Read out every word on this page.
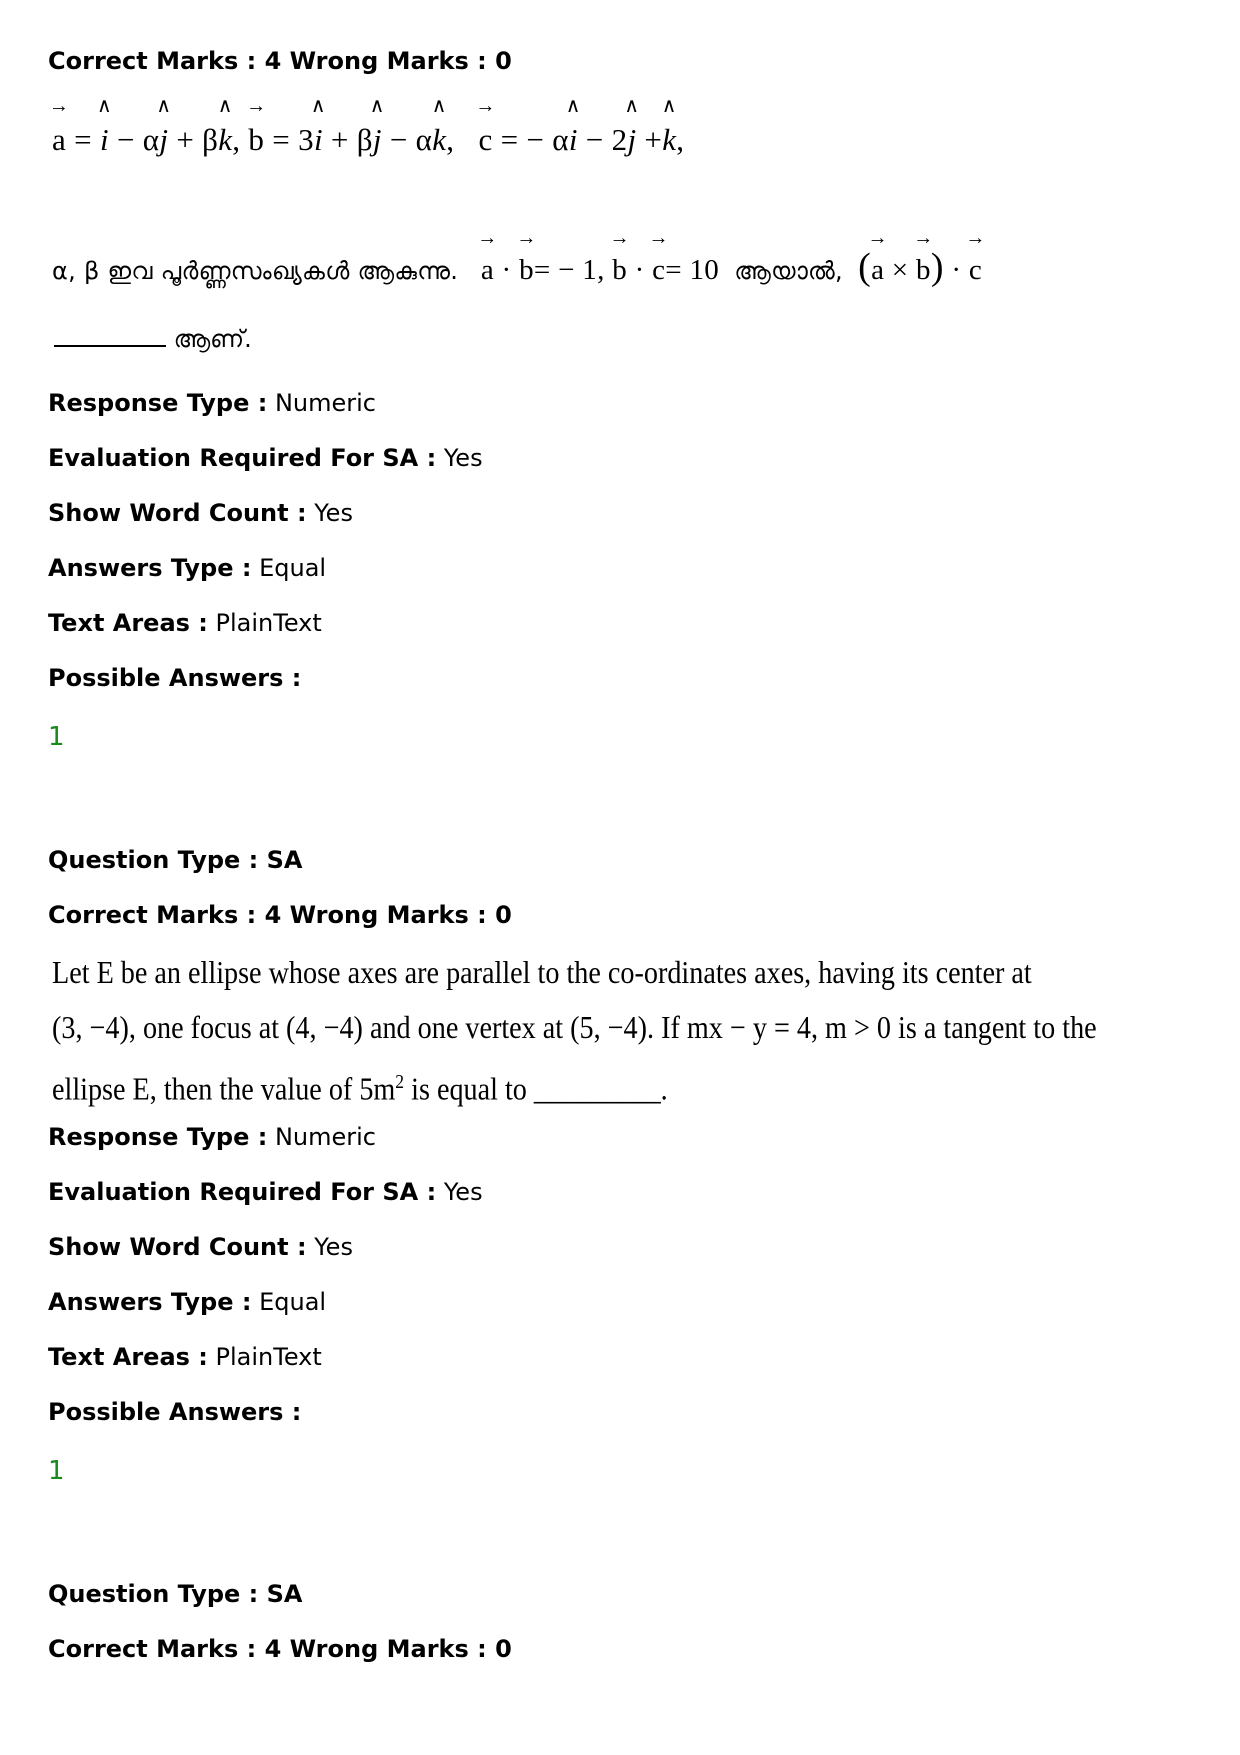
Correct Marks : 4 Wrong Marks : 0
→
a =
∧
i − α
∧
j + β
∧
k,
→
b = 3
∧
i + β
∧
j − α
∧
k,
→
c = − α
∧
i − 2
∧
j +
∧
k,
α, β ഇവ പൂർണ്ണസംഖ്യകൾ ആകുന്നു.
→
a ·
→
b= − 1,
→
b ·
→
c= 10 ആയാൽ, (
→
a ×
→
b) ·
→
c
ആണ്.
Response Type : Numeric
Evaluation Required For SA : Yes
Show Word Count : Yes
Answers Type : Equal
Text Areas : PlainText
Possible Answers :
1
Question Type : SA
Correct Marks : 4 Wrong Marks : 0
Let E be an ellipse whose axes are parallel to the co-ordinates axes, having its center at
(3, −4), one focus at (4, −4) and one vertex at (5, −4). If mx − y = 4, m > 0 is a tangent to the
ellipse E, then the value of $5m^2$ is equal to _________.
Response Type : Numeric
Evaluation Required For SA : Yes
Show Word Count : Yes
Answers Type : Equal
Text Areas : PlainText
Possible Answers :
1
Question Type : SA
Correct Marks : 4 Wrong Marks : 0
